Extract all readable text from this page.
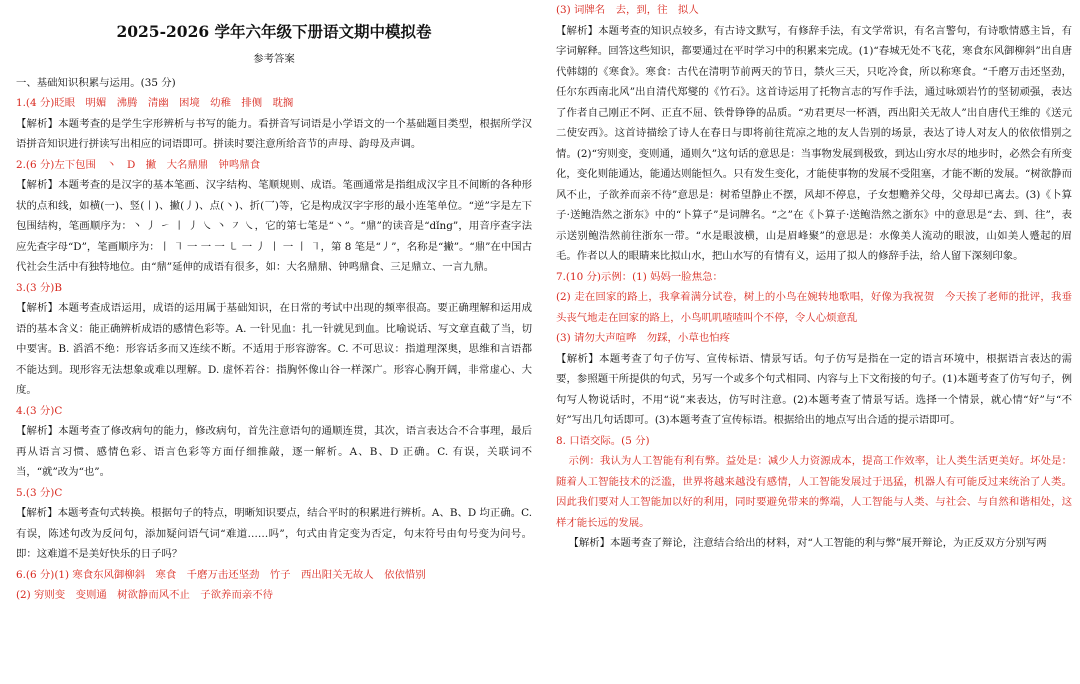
2025-2026 学年六年级下册语文期中模拟卷
参考答案

一、基础知识积累与运用。(35 分)

1.(4 分)眨眼　明媚　沸腾　清幽　困境　幼稚　排侧　耽搁

【解析】本题考查的是学生字形辨析与书写的能力。看拼音写词语是小学语文的一个基础题目类型，根据所学汉语拼音知识进行拼读写出相应的词语即可。拼读时要注意所给音节的声母、韵母及声调。

2.(6 分)左下包围　丶　D　撇　大名鼎鼎　钟鸣鼎食

【解析】本题考查的是汉字的基本笔画、汉字结构、笔顺规则、成语。笔画通常是指组成汉字且不间断的各种形状的点和线，如横(一)、竖(丨)、撇(丿)、点(丶)、折(乛)等，它是构成汉字字形的最小连笔单位。“逆”字是左下包围结构，笔画顺序为：丶 丿 ㇀ 丨 丿 ㇏ 丶 ㇇ ㇏，它的第七笔是“丶”。“鼎”的读音是“dǐng”，用音序查字法应先查字母“D”，笔画顺序为：丨 ㇕ 一 一 一 ㇄ 一 丿 丨 一 丨 ㇕，第 8 笔是“丿”，名称是“撇”。“鼎”在中国古代社会生活中有独特地位。由“鼎”延伸的成语有很多，如：大名鼎鼎、钟鸣鼎食、三足鼎立、一言九鼎。

3.(3 分)B

【解析】本题考查成语运用，成语的运用属于基础知识，在日常的考试中出现的频率很高。要正确理解和运用成语的基本含义：能正确辨析成语的感情色彩等。A. 一针见血：扎一针就见到血。比喻说话、写文章直截了当，切中要害。B. 滔滔不绝：形容话多而又连续不断。不适用于形容游客。C. 不可思议：指道理深奥，思维和言语都不能达到。现形容无法想象或难以理解。D. 虚怀若谷：指胸怀像山谷一样深广。形容心胸开阔，非常虚心、大度。

4.(3 分)C

【解析】本题考查了修改病句的能力，修改病句，首先注意语句的通顺连贯，其次，语言表达合不合事理，最后再从语言习惯、感情色彩、语言色彩等方面仔细推敲，逐一解析。A、B、D 正确。C. 有误，关联词不当，“就”改为“也”。

5.(3 分)C

【解析】本题考查句式转换。根据句子的特点，明晰知识要点，结合平时的积累进行辨析。A、B、D 均正确。C. 有误，陈述句改为反问句，添加疑问语气词“难道……吗”，句式由肯定变为否定，句末符号由句号变为问号。即：这难道不是美好快乐的日子吗？

6.(6 分)(1) 寒食东风御柳斜　寒食　千磨万击还坚劲　竹子　西出阳关无故人　依依惜别

(2) 穷则变　变则通　树欲静而风不止　子欲养而亲不待

(3) 词牌名　去，到，往　拟人

【解析】本题考查的知识点较多，有古诗文默写，有修辞手法，有文学常识，有名言警句，有诗歌情感主旨，有字词解释。回答这些知识，都要通过在平时学习中的积累来完成。(1)“春城无处不飞花，寒食东风御柳斜”出自唐代韩翃的《寒食》。寒食：古代在清明节前两天的节日，禁火三天，只吃冷食，所以称寒食。“千磨万击还坚劲，任尔东西南北风”出自清代郑燮的《竹石》。这首诗运用了托物言志的写作手法，通过咏颂岩竹的坚韧顽强，表达了作者自己刚正不阿、正直不屈、铁骨铮铮的品质。“劝君更尽一杯酒，西出阳关无故人”出自唐代王维的《送元二使安西》。这首诗描绘了诗人在春日与即将前往荒凉之地的友人告别的场景，表达了诗人对友人的依依惜别之情。(2)“穷则变，变则通，通则久”这句话的意思是：当事物发展到极致，到达山穷水尽的地步时，必然会有所变化，变化则能通达，能通达则能恒久。只有发生变化，才能使事物的发展不受阻塞，才能不断的发展。“树欲静而风不止，子欲养而亲不待”意思是：树希望静止不摆，风却不停息，子女想赡养父母，父母却已离去。(3)《卜算子·送鲍浩然之浙东》中的“卜算子”是词牌名。“之”在《卜算子·送鲍浩然之浙东》中的意思是“去、到、往”，表示送别鲍浩然前往浙东一带。“水是眼波横，山是眉峰聚”的意思是：水像美人流动的眼波，山如美人蹙起的眉毛。作者以人的眼睛来比拟山水，把山水写的有情有义，运用了拟人的修辞手法，给人留下深刻印象。

7.(10 分)示例：(1) 妈妈一脸焦急：

(2) 走在回家的路上，我拿着满分试卷，树上的小鸟在婉转地歌唱，好像为我祝贺　今天挨了老师的批评，我垂头丧气地走在回家的路上，小鸟叽叽喳喳叫个不停，令人心烦意乱

(3) 请勿大声喧哗　勿踩，小草也怕疼

【解析】本题考查了句子仿写、宣传标语、情景写话。句子仿写是指在一定的语言环境中，根据语言表达的需要，参照题干所提供的句式，另写一个或多个句式相同、内容与上下文衔接的句子。(1)本题考查了仿写句子，例句写人物说话时，不用“说”来表达，仿写时注意。(2)本题考查了情景写话。选择一个情景，就心情“好”与“不好”写出几句话即可。(3)本题考查了宣传标语。根据给出的地点写出合适的提示语即可。

8. 口语交际。(5 分)

示例：我认为人工智能有利有弊。益处是：减少人力资源成本，提高工作效率，让人类生活更美好。坏处是：随着人工智能技术的泛滥，世界将越来越没有感情，人工智能发展过于迅猛，机器人有可能反过来统治了人类。因此我们要对人工智能加以好的利用，同时要避免带来的弊端，人工智能与人类、与社会、与自然和谐相处，这样才能长远的发展。

【解析】本题考查了辩论，注意结合给出的材料，对“人工智能的利与弊”展开辩论，为正反双方分别写两
